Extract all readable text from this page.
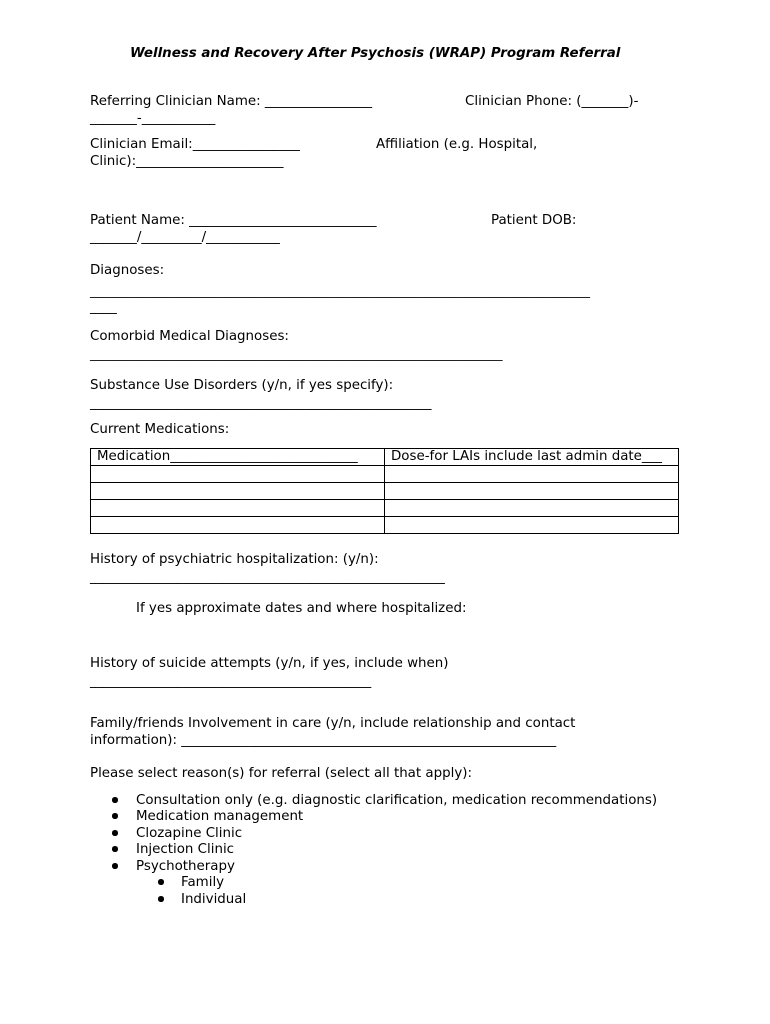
Wellness and Recovery After Psychosis (WRAP) Program Referral
Referring Clinician Name: ________________	Clinician Phone: (_______)-
_______-___________
Clinician Email:________________	Affiliation (e.g. Hospital,
Clinic):______________________
Patient Name: ____________________________	Patient DOB:
_______/_________/___________
Diagnoses:
________________________________________________________________________________
____
Comorbid Medical Diagnoses:
__________________________________________________________________
Substance Use Disorders (y/n, if yes specify):
___________________________________________________
Current Medications:
Medication____________________________	Dose-for LAIs include last admin date___

History of psychiatric hospitalization: (y/n):
_____________________________________________________
If yes approximate dates and where hospitalized:
History of suicide attempts (y/n, if yes, include when)
__________________________________________
Family/friends Involvement in care (y/n, include relationship and contact
information): ________________________________________________________
Please select reason(s) for referral (select all that apply):
Consultation only (e.g. diagnostic clarification, medication recommendations)
Medication management
Clozapine Clinic
Injection Clinic
Psychotherapy
Family
Individual
